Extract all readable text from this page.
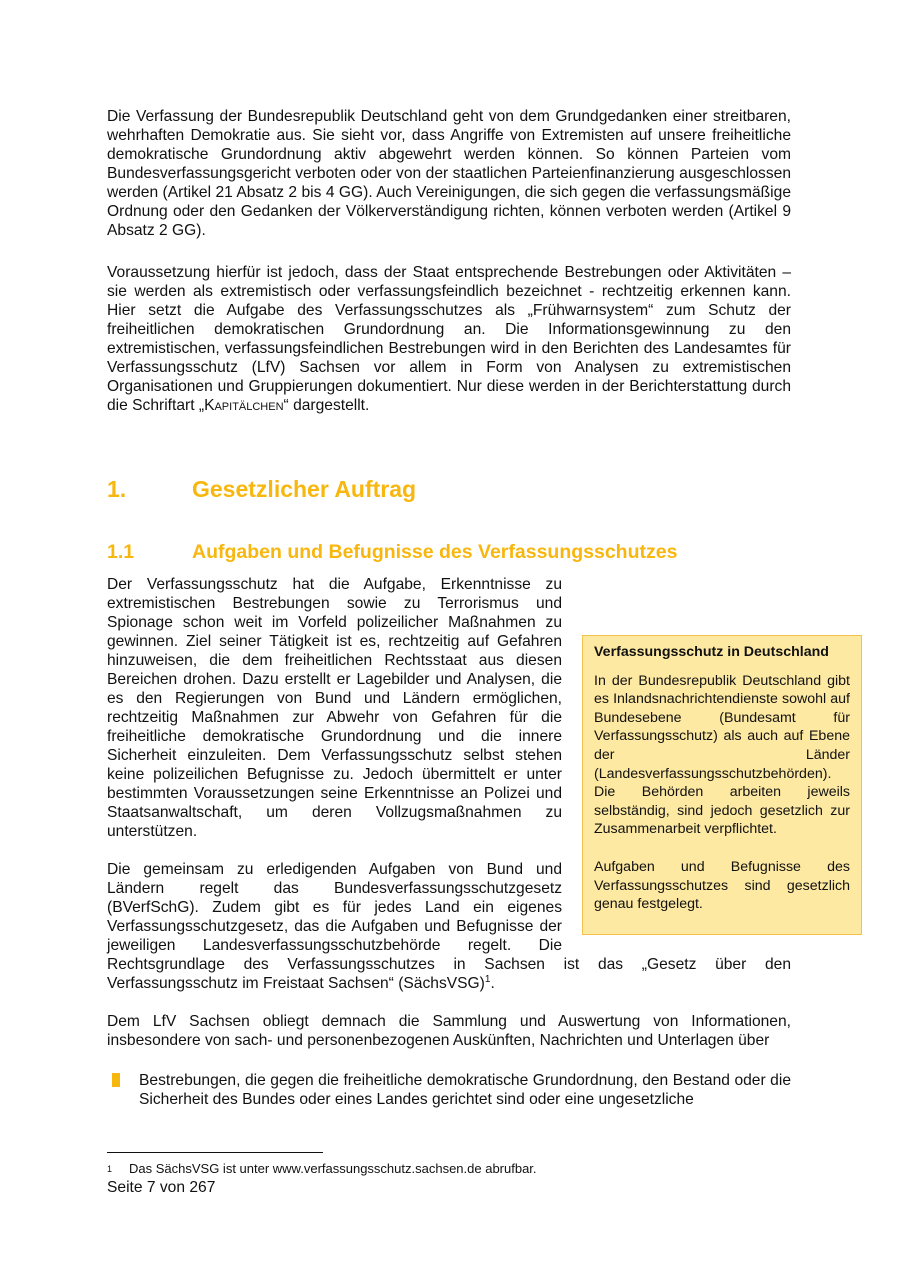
Die Verfassung der Bundesrepublik Deutschland geht von dem Grundgedanken einer streitbaren, wehrhaften Demokratie aus. Sie sieht vor, dass Angriffe von Extremisten auf unsere freiheitliche demokratische Grundordnung aktiv abgewehrt werden können. So können Parteien vom Bundesverfassungsgericht verboten oder von der staatlichen Parteienfinanzierung ausgeschlossen werden (Artikel 21 Absatz 2 bis 4 GG). Auch Vereinigungen, die sich gegen die verfassungsmäßige Ordnung oder den Gedanken der Völkerverständigung richten, können verboten werden (Artikel 9 Absatz 2 GG).

Voraussetzung hierfür ist jedoch, dass der Staat entsprechende Bestrebungen oder Aktivitäten – sie werden als extremistisch oder verfassungsfeindlich bezeichnet - rechtzeitig erkennen kann. Hier setzt die Aufgabe des Verfassungsschutzes als „Frühwarnsystem“ zum Schutz der freiheitlichen demokratischen Grundordnung an. Die Informationsgewinnung zu den extremistischen, verfassungsfeindlichen Bestrebungen wird in den Berichten des Landesamtes für Verfassungsschutz (LfV) Sachsen vor allem in Form von Analysen zu extremistischen Organisationen und Gruppierungen dokumentiert. Nur diese werden in der Berichterstattung durch die Schriftart „Kapitälchen“ dargestellt.

1.	Gesetzlicher Auftrag
1.1	Aufgaben und Befugnisse des Verfassungsschutzes
Verfassungsschutz in Deutschland

In der Bundesrepublik Deutschland gibt es Inlandsnachrichtendienste sowohl auf Bundesebene (Bundesamt für Verfassungsschutz) als auch auf Ebene der Länder (Landesverfassungsschutzbehörden). Die Behörden arbeiten jeweils selbständig, sind jedoch gesetzlich zur Zusammenarbeit verpflichtet.

Aufgaben und Befugnisse des Verfassungsschutzes sind gesetzlich genau festgelegt.

Der Verfassungsschutz hat die Aufgabe, Erkenntnisse zu extremistischen Bestrebungen sowie zu Terrorismus und Spionage schon weit im Vorfeld polizeilicher Maßnahmen zu gewinnen. Ziel seiner Tätigkeit ist es, rechtzeitig auf Gefahren hinzuweisen, die dem freiheitlichen Rechtsstaat aus diesen Bereichen drohen. Dazu erstellt er Lagebilder und Analysen, die es den Regierungen von Bund und Ländern ermöglichen, rechtzeitig Maßnahmen zur Abwehr von Gefahren für die freiheitliche demokratische Grundordnung und die innere Sicherheit einzuleiten. Dem Verfassungsschutz selbst stehen keine polizeilichen Befugnisse zu. Jedoch übermittelt er unter bestimmten Voraussetzungen seine Erkenntnisse an Polizei und Staatsanwaltschaft, um deren Vollzugsmaßnahmen zu unterstützen.

Die gemeinsam zu erledigenden Aufgaben von Bund und Ländern regelt das Bundesverfassungsschutzgesetz (BVerfSchG). Zudem gibt es für jedes Land ein eigenes Verfassungsschutzgesetz, das die Aufgaben und Befugnisse der jeweiligen Landesverfassungsschutzbehörde regelt. Die Rechtsgrundlage des Verfassungsschutzes in Sachsen ist das „Gesetz über den Verfassungsschutz im Freistaat Sachsen“ (SächsVSG)$^1$.

Dem LfV Sachsen obliegt demnach die Sammlung und Auswertung von Informationen, insbesondere von sach- und personenbezogenen Auskünften, Nachrichten und Unterlagen über

Bestrebungen, die gegen die freiheitliche demokratische Grundordnung, den Bestand oder die Sicherheit des Bundes oder eines Landes gerichtet sind oder eine ungesetzliche
1 Das SächsVSG ist unter www.verfassungsschutz.sachsen.de abrufbar.
Seite 7 von 267
